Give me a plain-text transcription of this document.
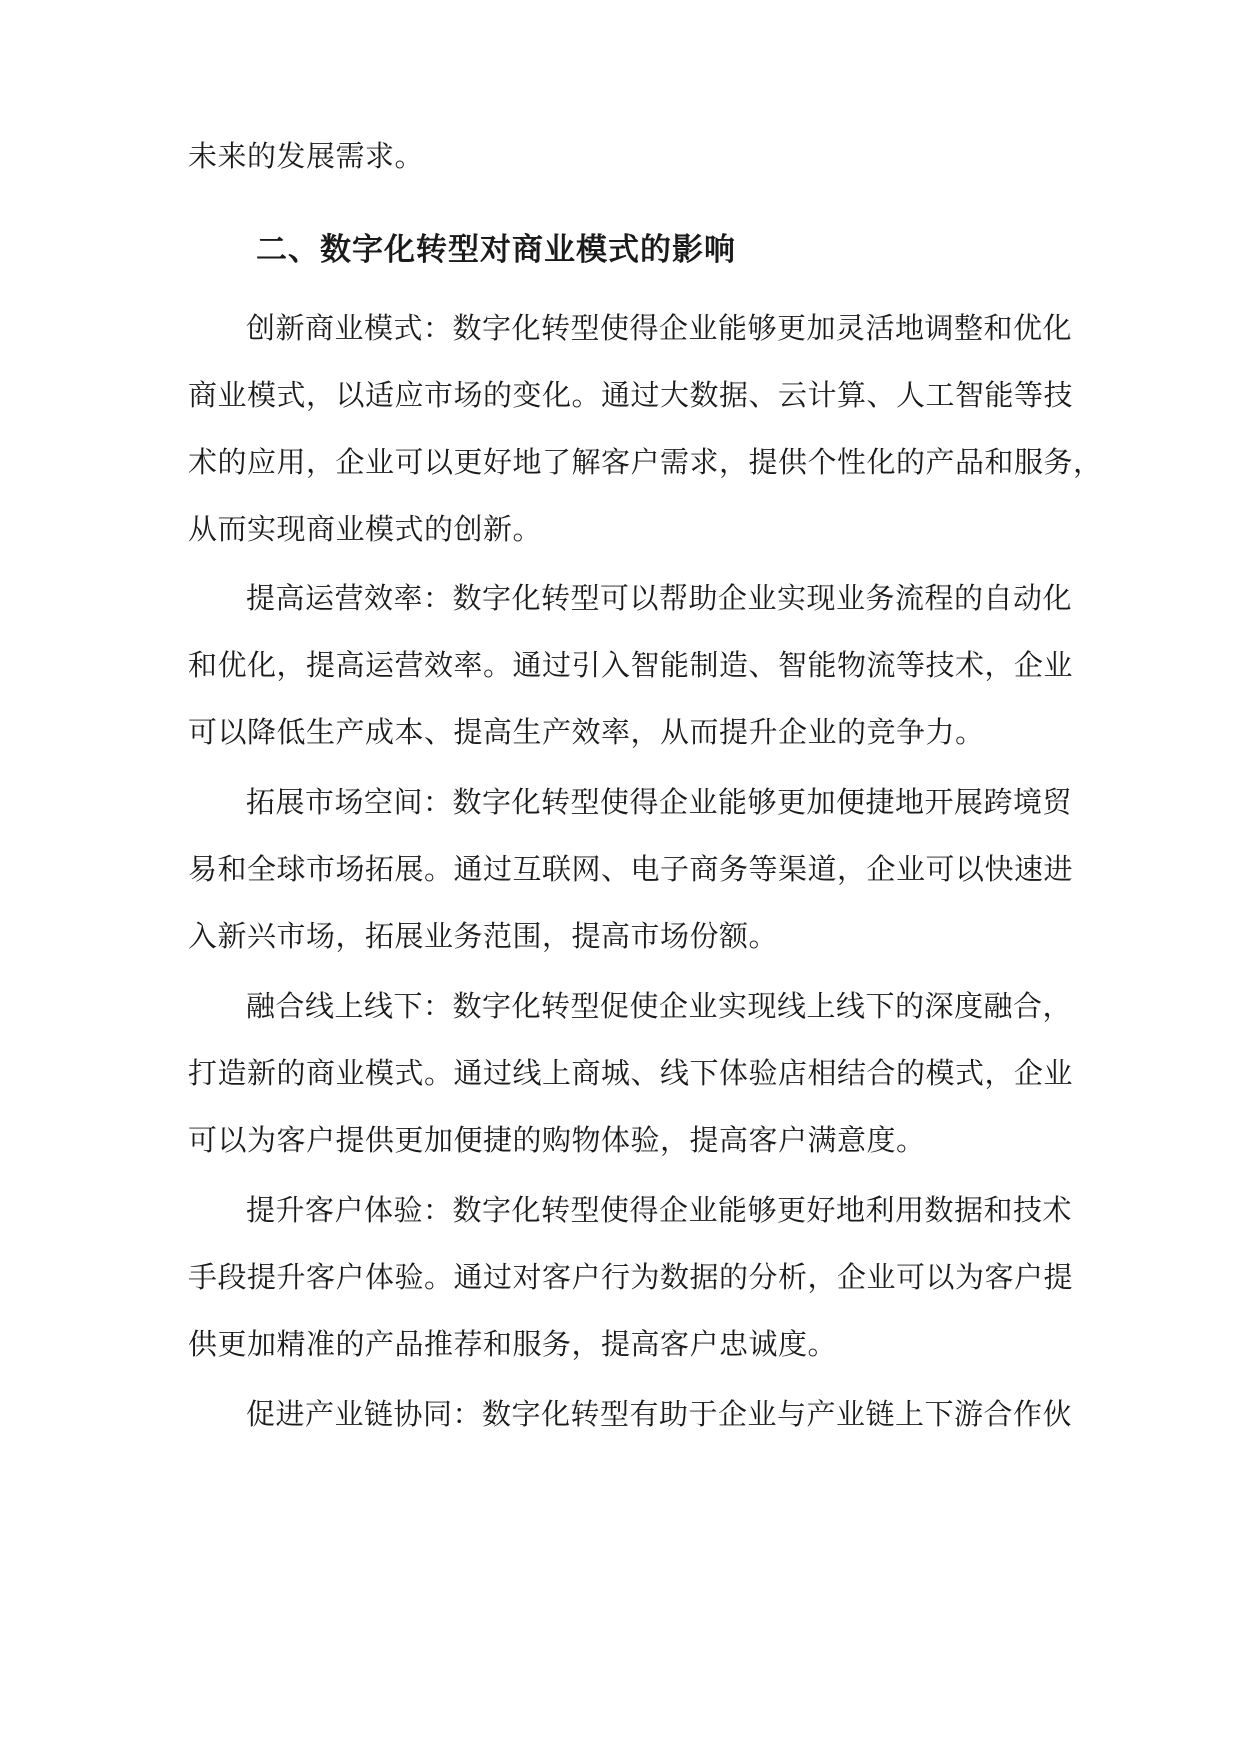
未来的发展需求。
二、数字化转型对商业模式的影响
创新商业模式：数字化转型使得企业能够更加灵活地调整和优化
商业模式，以适应市场的变化。通过大数据、云计算、人工智能等技
术的应用，企业可以更好地了解客户需求，提供个性化的产品和服务，
从而实现商业模式的创新。
提高运营效率：数字化转型可以帮助企业实现业务流程的自动化
和优化，提高运营效率。通过引入智能制造、智能物流等技术，企业
可以降低生产成本、提高生产效率，从而提升企业的竞争力。
拓展市场空间：数字化转型使得企业能够更加便捷地开展跨境贸
易和全球市场拓展。通过互联网、电子商务等渠道，企业可以快速进
入新兴市场，拓展业务范围，提高市场份额。
融合线上线下：数字化转型促使企业实现线上线下的深度融合，
打造新的商业模式。通过线上商城、线下体验店相结合的模式，企业
可以为客户提供更加便捷的购物体验，提高客户满意度。
提升客户体验：数字化转型使得企业能够更好地利用数据和技术
手段提升客户体验。通过对客户行为数据的分析，企业可以为客户提
供更加精准的产品推荐和服务，提高客户忠诚度。
促进产业链协同：数字化转型有助于企业与产业链上下游合作伙
